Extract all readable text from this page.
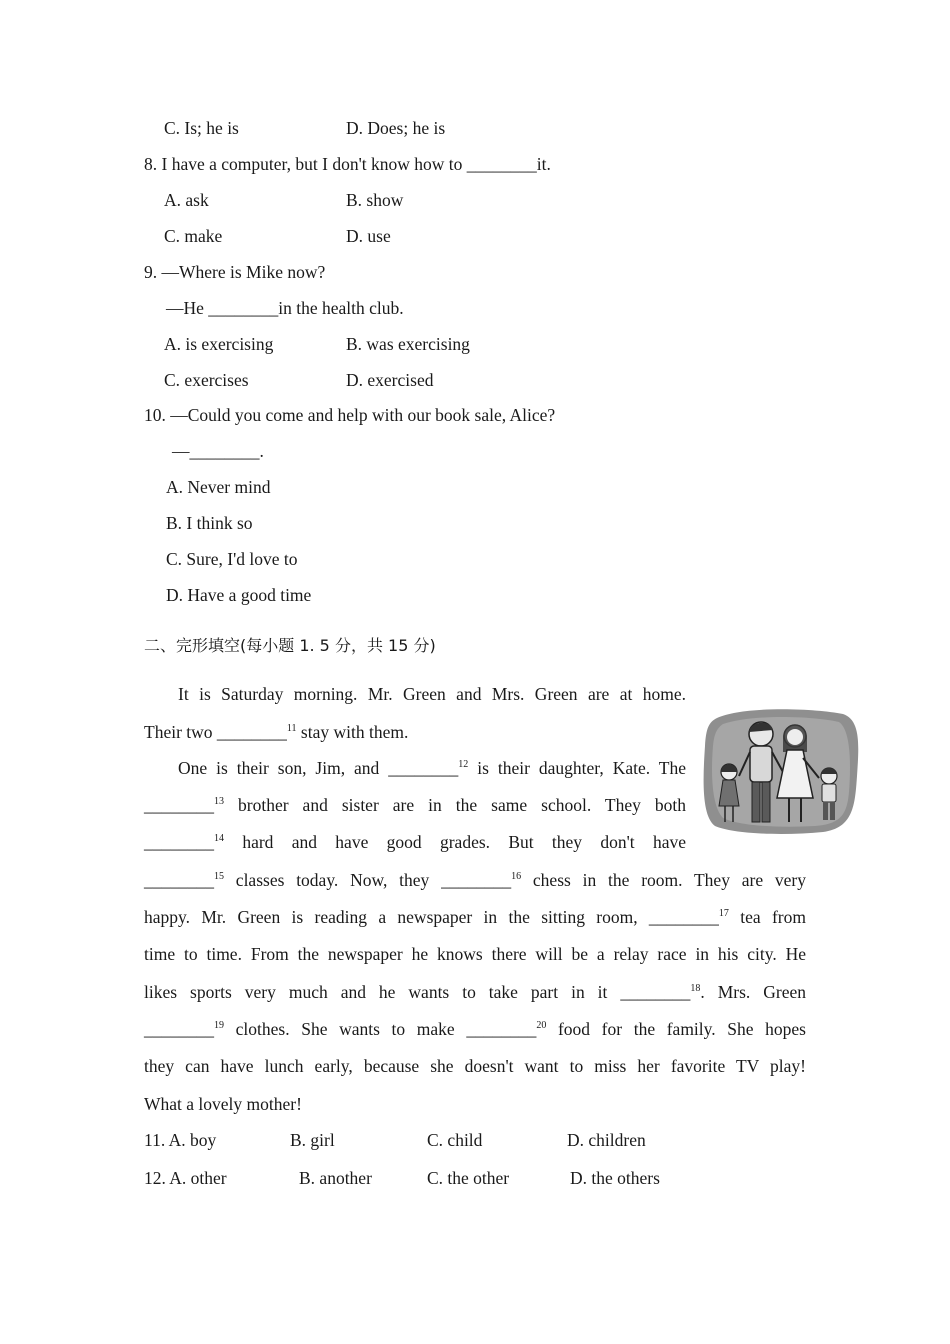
C. Is; he is	D. Does; he is
8. I have a computer, but I don't know how to ________it.
A. ask	B. show
C. make	D. use
9. —Where is Mike now?
—He ________in the health club.
A. is exercising	B. was exercising
C. exercises	D. exercised
10. —Could you come and help with our book sale, Alice?
—________.
A. Never mind
B. I think so
C. Sure, I'd love to
D. Have a good time
二、完形填空(每小题 1. 5 分，共 15 分)
It is Saturday morning. Mr. Green and Mrs. Green are at home.
Their two ________$^{11}$ stay with them.
One is their son, Jim, and ________$^{12}$ is their daughter, Kate. The
________$^{13}$ brother and sister are in the same school. They both
________$^{14}$ hard and have good grades. But they don't have
________$^{15}$ classes today. Now, they ________$^{16}$ chess in the room. They are very
happy. Mr. Green is reading a newspaper in the sitting room, ________$^{17}$ tea from
time to time. From the newspaper he knows there will be a relay race in his city. He
likes sports very much and he wants to take part in it ________$^{18}$. Mrs. Green
________$^{19}$ clothes. She wants to make ________$^{20}$ food for the family. She hopes
they can have lunch early, because she doesn't want to miss her favorite TV play!
What a lovely mother!
11. A. boy	B. girl	C. child	D. children
12. A. other	B. another	C. the other	D. the others
